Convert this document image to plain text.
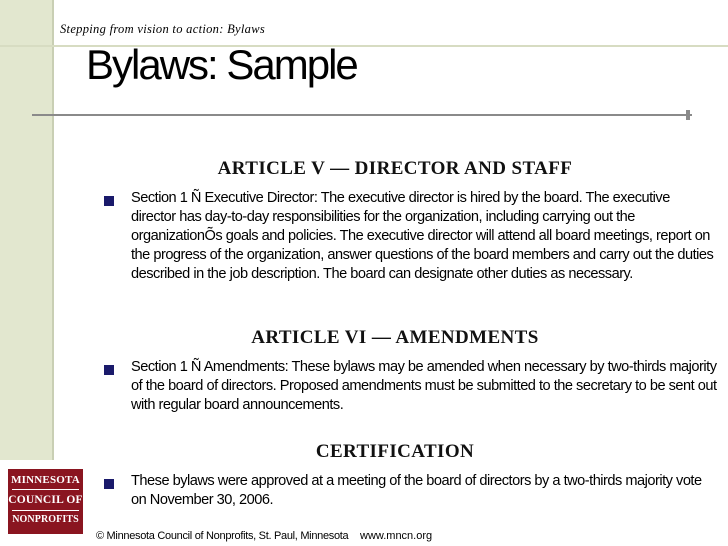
Stepping from vision to action: Bylaws
Bylaws: Sample
ARTICLE V — DIRECTOR AND STAFF
Section 1 Ñ Executive Director: The executive director is hired by the board. The executive director has day-to-day responsibilities for the organization, including carrying out the organizationÕs goals and policies. The executive director will attend all board meetings, report on the progress of the organization, answer questions of the board members and carry out the duties described in the job description. The board can designate other duties as necessary.
ARTICLE VI — AMENDMENTS
Section 1 Ñ Amendments: These bylaws may be amended when necessary by two-thirds majority of the board of directors. Proposed amendments must be submitted to the secretary to be sent out with regular board announcements.
CERTIFICATION
These bylaws were approved at a meeting of the board of directors by a two-thirds majority vote on November 30, 2006.
MINNESOTA
COUNCIL OF
NONPROFITS
© Minnesota Council of Nonprofits, St. Paul, Minnesota www.mncn.org
